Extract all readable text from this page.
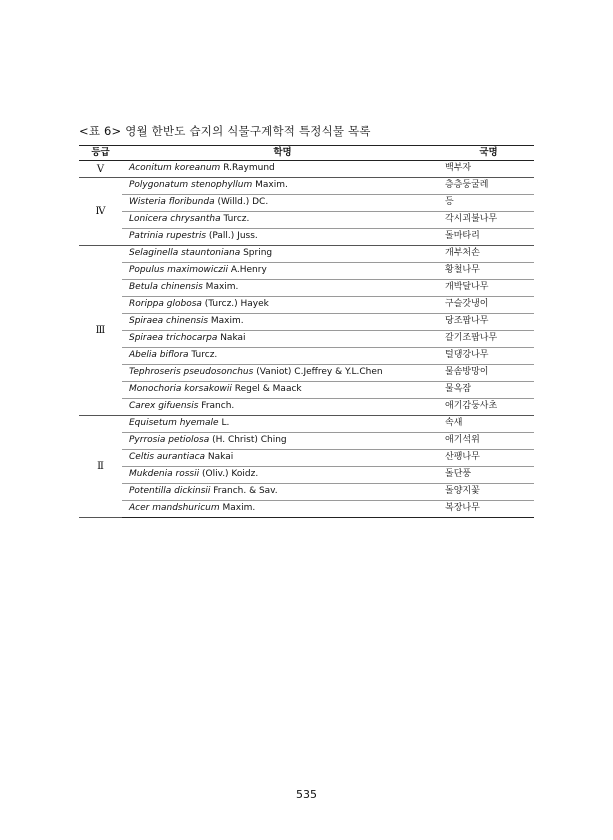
<표 6> 영월 한반도 습지의 식물구계학적 특정식물 목록
등급	학명	국명
Ⅴ	Aconitum koreanum R.Raymund	백부자
Ⅳ	Polygonatum stenophyllum Maxim.	층층둥굴레
	Wisteria floribunda (Willd.) DC.	등
	Lonicera chrysantha Turcz.	각시괴불나무
	Patrinia rupestris (Pall.) Juss.	돌마타리
Ⅲ	Selaginella stauntoniana Spring	개부처손
	Populus maximowiczii A.Henry	황철나무
	Betula chinensis Maxim.	개박달나무
	Rorippa globosa (Turcz.) Hayek	구슬갓냉이
	Spiraea chinensis Maxim.	당조팝나무
	Spiraea trichocarpa Nakai	갈기조팝나무
	Abelia biflora Turcz.	털댕강나무
	Tephroseris pseudosonchus (Vaniot) C.Jeffrey & Y.L.Chen	물솜방망이
	Monochoria korsakowii Regel & Maack	물옥잠
	Carex gifuensis Franch.	애기감둥사초
Ⅱ	Equisetum hyemale L.	속새
	Pyrrosia petiolosa (H. Christ) Ching	애기석위
	Celtis aurantiaca Nakai	산팽나무
	Mukdenia rossii (Oliv.) Koidz.	돌단풍
	Potentilla dickinsii Franch. & Sav.	돌양지꽃
	Acer mandshuricum Maxim.	복장나무
535
